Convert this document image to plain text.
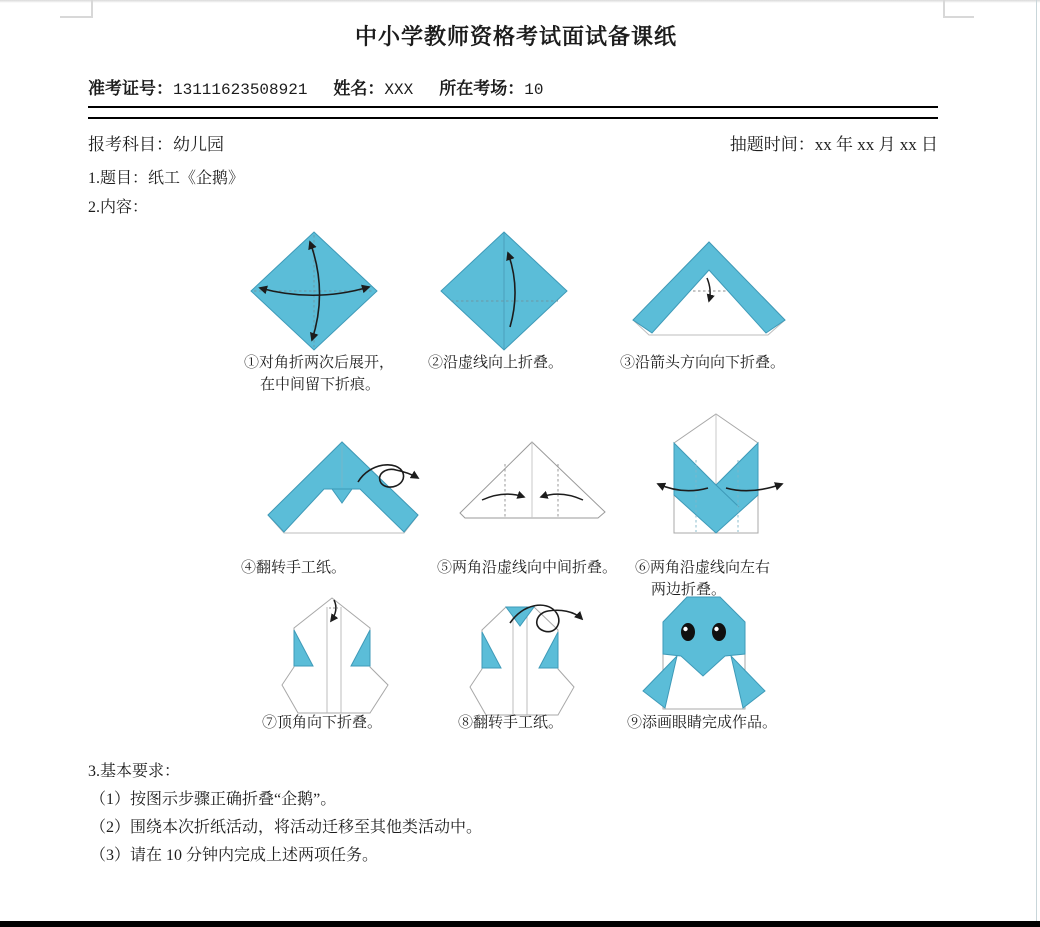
中小学教师资格考试面试备课纸
准考证号：13111623508921 姓名：XXX 所在考场：10
报考科目：幼儿园	抽题时间：xx 年 xx 月 xx 日
1.题目：纸工《企鹅》
2.内容：
①对角折两次后展开，
在中间留下折痕。
②沿虚线向上折叠。	③沿箭头方向向下折叠。
④翻转手工纸。	⑤两角沿虚线向中间折叠。 ⑥两角沿虚线向左右
两边折叠。
⑦顶角向下折叠。	⑧翻转手工纸。	⑨添画眼睛完成作品。
3.基本要求：
（1）按图示步骤正确折叠“企鹅”。
（2）围绕本次折纸活动，将活动迁移至其他类活动中。
（3）请在 10 分钟内完成上述两项任务。
